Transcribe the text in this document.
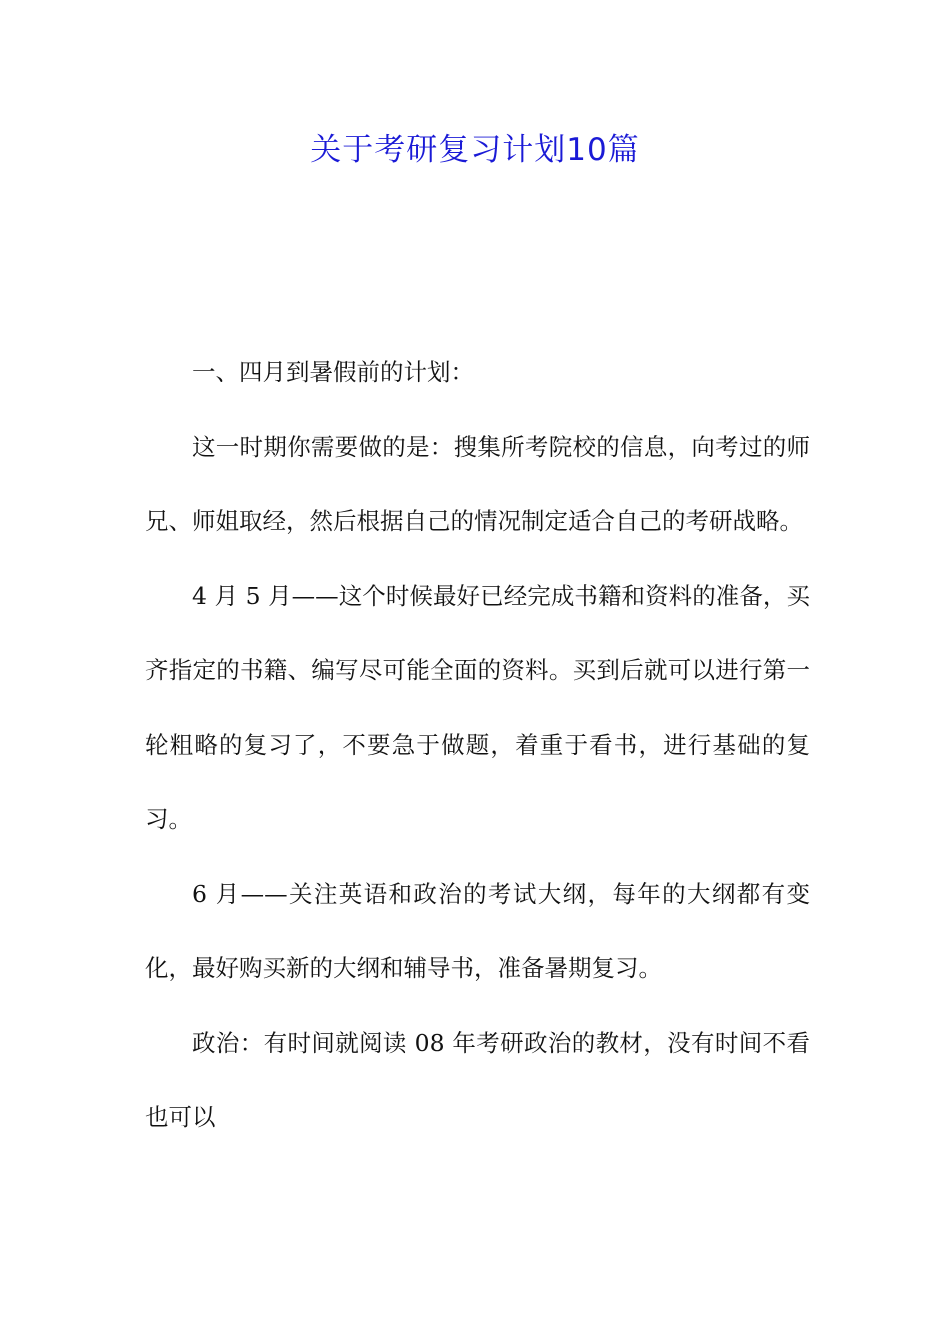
关于考研复习计划10篇

一、四月到暑假前的计划：

这一时期你需要做的是：搜集所考院校的信息，向考过的师兄、师姐取经，然后根据自己的情况制定适合自己的考研战略。

4 月 5 月——这个时候最好已经完成书籍和资料的准备，买齐指定的书籍、编写尽可能全面的资料。买到后就可以进行第一轮粗略的复习了，不要急于做题，着重于看书，进行基础的复习。

6 月——关注英语和政治的考试大纲，每年的大纲都有变化，最好购买新的大纲和辅导书，准备暑期复习。

政治：有时间就阅读 08 年考研政治的教材，没有时间不看也可以
